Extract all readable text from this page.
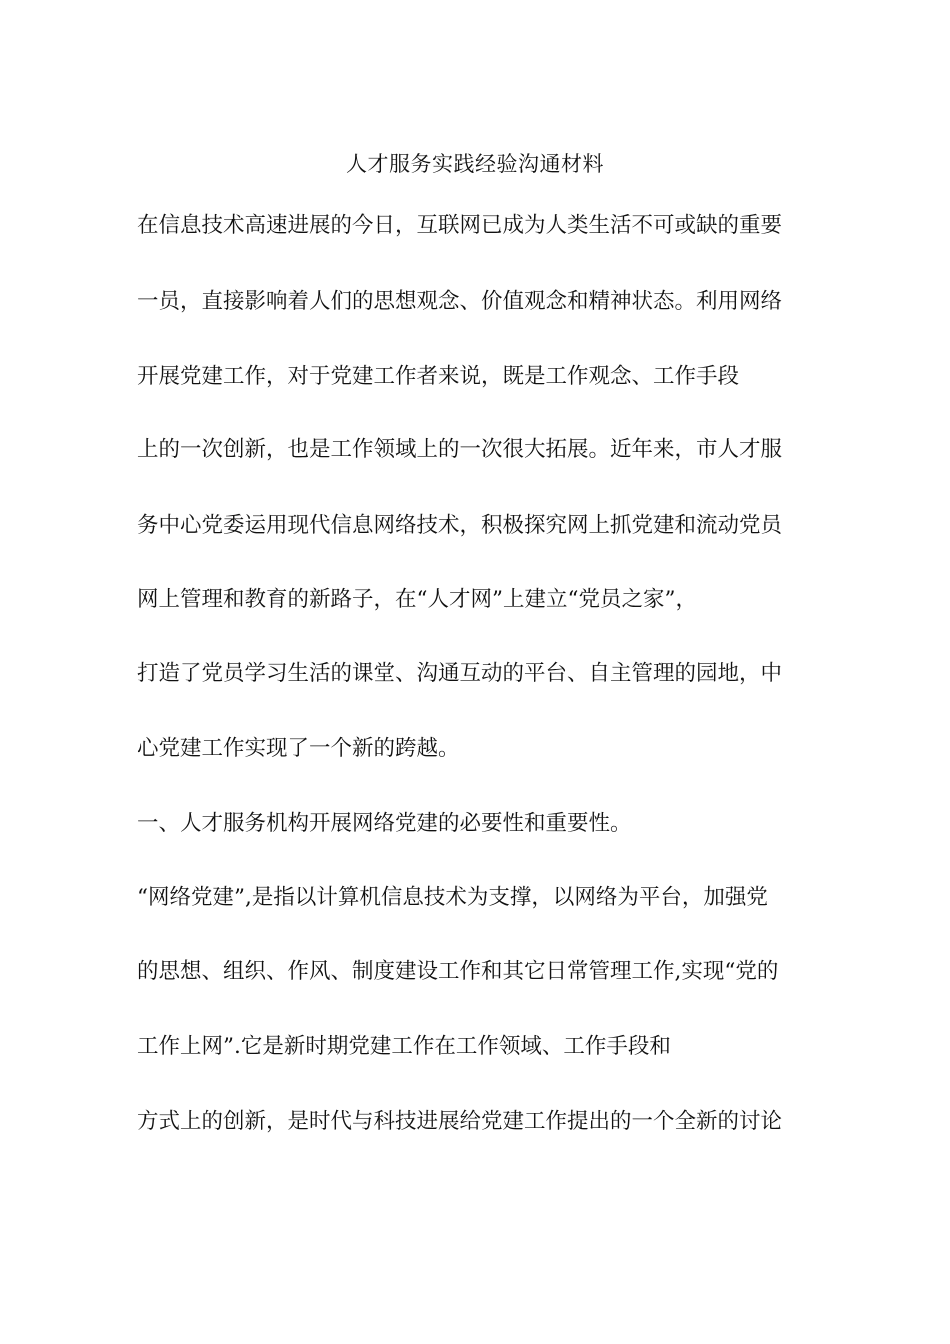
人才服务实践经验沟通材料
在信息技术高速进展的今日，互联网已成为人类生活不可或缺的重要
一员，直接影响着人们的思想观念、价值观念和精神状态。利用网络
开展党建工作，对于党建工作者来说，既是工作观念、工作手段
上的一次创新，也是工作领域上的一次很大拓展。近年来，市人才服
务中心党委运用现代信息网络技术，积极探究网上抓党建和流动党员
网上管理和教育的新路子，在“人才网”上建立“党员之家”，
打造了党员学习生活的课堂、沟通互动的平台、自主管理的园地，中
心党建工作实现了一个新的跨越。
一、人才服务机构开展网络党建的必要性和重要性。
“网络党建”,是指以计算机信息技术为支撑，以网络为平台，加强党
的思想、组织、作风、制度建设工作和其它日常管理工作,实现“党的
工作上网”.它是新时期党建工作在工作领域、工作手段和
方式上的创新，是时代与科技进展给党建工作提出的一个全新的讨论
